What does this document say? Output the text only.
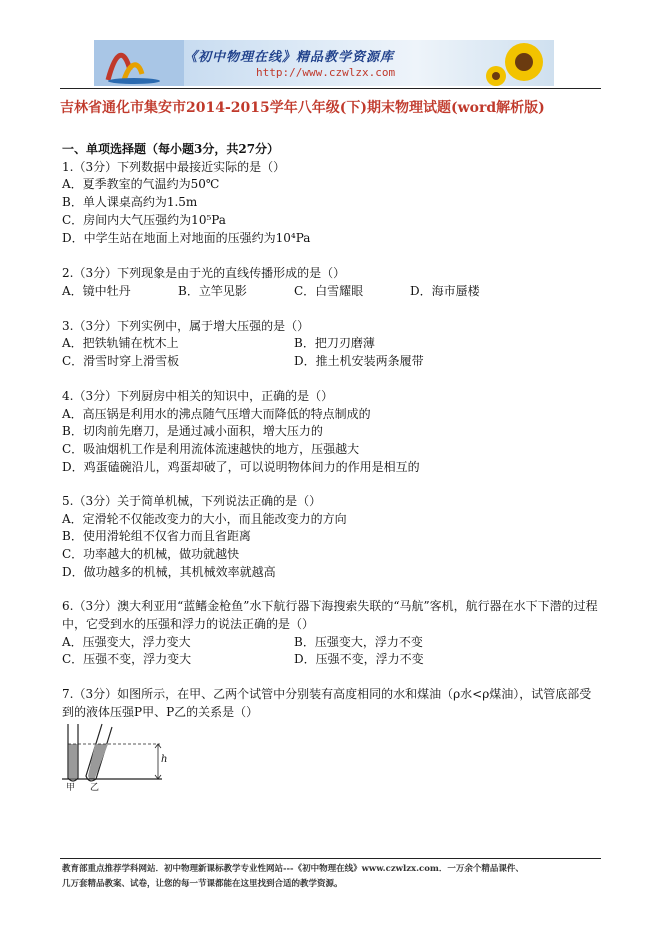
《初中物理在线》精品教学资源库
http://www.czwlzx.com
吉林省通化市集安市2014-2015学年八年级(下)期末物理试题(word解析版)
一、单项选择题（每小题3分，共27分）
1.（3分）下列数据中最接近实际的是（）
A．夏季教室的气温约为50℃
B．单人课桌高约为1.5m
C．房间内大气压强约为10⁵Pa
D．中学生站在地面上对地面的压强约为10⁴Pa
2.（3分）下列现象是由于光的直线传播形成的是（）
A．镜中牡丹	B．立竿见影	C．白雪耀眼	D．海市蜃楼
3.（3分）下列实例中，属于增大压强的是（）
A．把铁轨铺在枕木上	B．把刀刃磨薄
C．滑雪时穿上滑雪板	D．推土机安装两条履带
4.（3分）下列厨房中相关的知识中，正确的是（）
A．高压锅是利用水的沸点随气压增大而降低的特点制成的
B．切肉前先磨刀，是通过减小面积，增大压力的
C．吸油烟机工作是利用流体流速越快的地方，压强越大
D．鸡蛋磕碗沿儿，鸡蛋却破了，可以说明物体间力的作用是相互的
5.（3分）关于简单机械，下列说法正确的是（）
A．定滑轮不仅能改变力的大小，而且能改变力的方向
B．使用滑轮组不仅省力而且省距离
C．功率越大的机械，做功就越快
D．做功越多的机械，其机械效率就越高
6.（3分）澳大利亚用“蓝鳍金枪鱼”水下航行器下海搜索失联的“马航”客机，航行器在水下下潜的过程
中，它受到水的压强和浮力的说法正确的是（）
A．压强变大，浮力变大	B．压强变大，浮力不变
C．压强不变，浮力变大	D．压强不变，浮力不变
7.（3分）如图所示，在甲、乙两个试管中分别装有高度相同的水和煤油（ρ水<ρ煤油），试管底部受
到的液体压强P甲、P乙的关系是（）
h
甲 乙
教育部重点推荐学科网站．初中物理新课标教学专业性网站---《初中物理在线》www.czwlzx.com．一万余个精品课件、
几万套精品教案、试卷，让您的每一节课都能在这里找到合适的教学资源。
